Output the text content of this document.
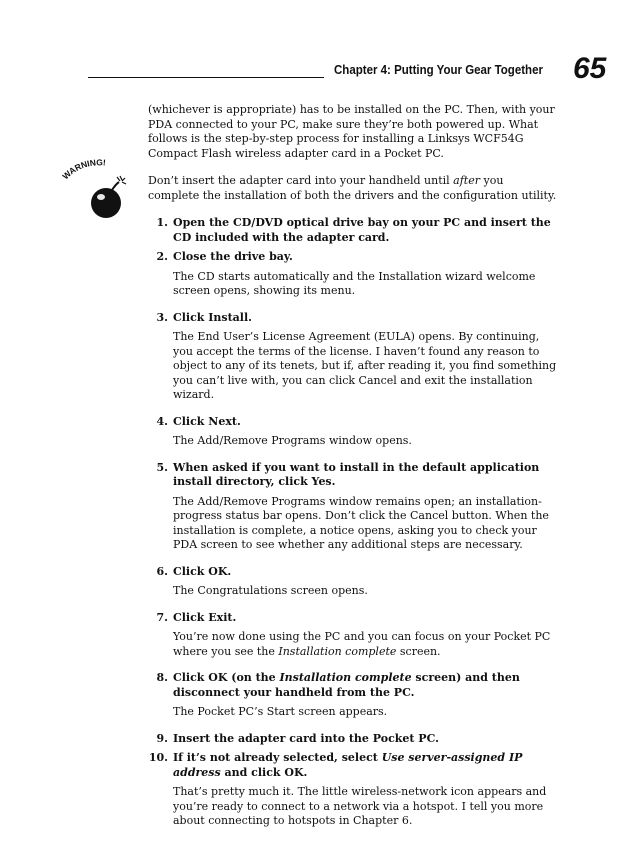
Chapter 4: Putting Your Gear Together 65
ARNING!

(whichever is appropriate) has to be installed on the PC. Then, with your PDA connected to your PC, make sure they’re both powered up. What follows is the step-by-step process for installing a Linksys WCF54G Compact Flash wireless adapter card in a Pocket PC.

Don’t insert the adapter card into your handheld until after you complete the installation of both the drivers and the configuration utility.

1. Open the CD/DVD optical drive bay on your PC and insert the CD included with the adapter card.

2. Close the drive bay.

The CD starts automatically and the Installation wizard welcome screen opens, showing its menu.

3. Click Install.

The End User’s License Agreement (EULA) opens. By continuing, you accept the terms of the license. I haven’t found any reason to object to any of its tenets, but if, after reading it, you find something you can’t live with, you can click Cancel and exit the installation wizard.

4. Click Next.

The Add/Remove Programs window opens.

5. When asked if you want to install in the default application install directory, click Yes.

The Add/Remove Programs window remains open; an installation-progress status bar opens. Don’t click the Cancel button. When the installation is complete, a notice opens, asking you to check your PDA screen to see whether any additional steps are necessary.

6. Click OK.

The Congratulations screen opens.

7. Click Exit.

You’re now done using the PC and you can focus on your Pocket PC where you see the Installation complete screen.

8. Click OK (on the Installation complete screen) and then disconnect your handheld from the PC.

The Pocket PC’s Start screen appears.

9. Insert the adapter card into the Pocket PC.

10. If it’s not already selected, select Use server-assigned IP address and click OK.

That’s pretty much it. The little wireless-network icon appears and you’re ready to connect to a network via a hotspot. I tell you more about connecting to hotspots in Chapter 6.
